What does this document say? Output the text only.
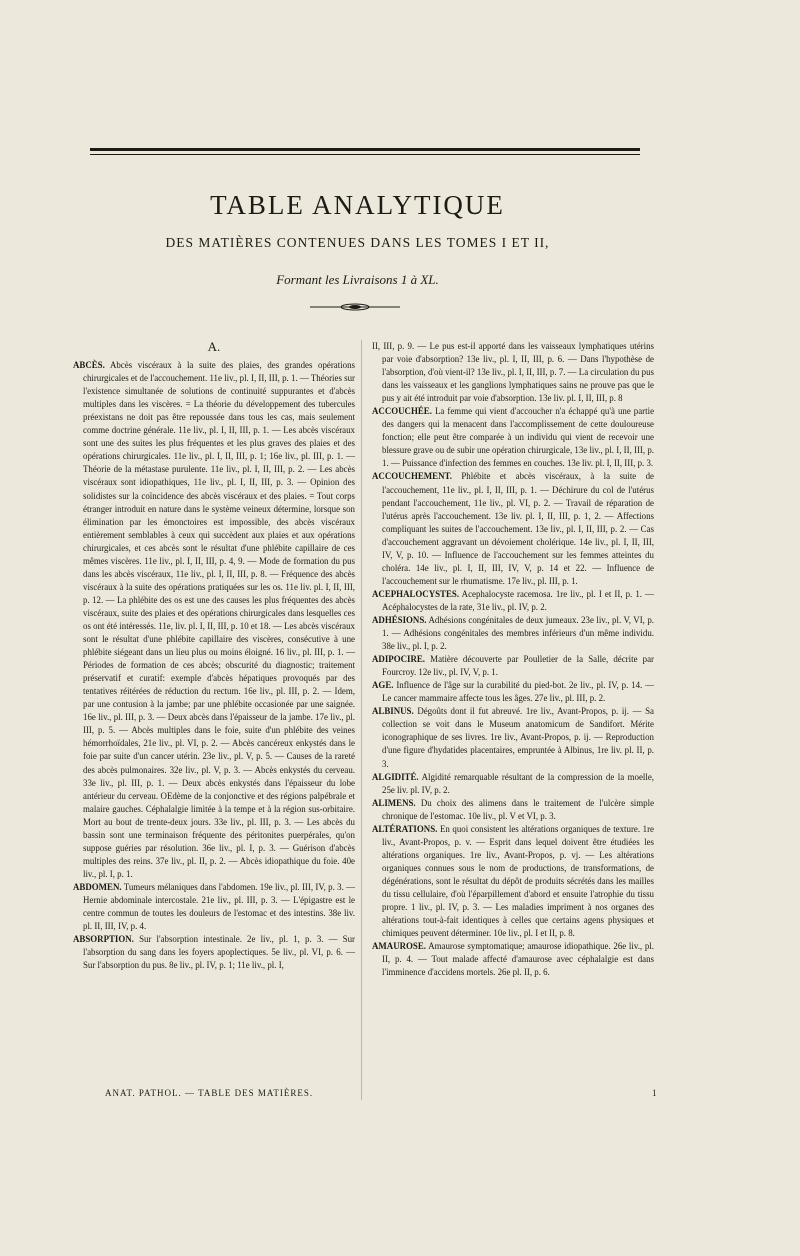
TABLE ANALYTIQUE
DES MATIÈRES CONTENUES DANS LES TOMES I ET II,
Formant les Livraisons 1 à XL.
A.

ABCÈS. Abcès viscéraux à la suite des plaies, des grandes opérations chirurgicales et de l'accouchement. 11e liv., pl. I, II, III, p. 1. — Théories sur l'existence simultanée de solutions de continuité suppurantes et d'abcès multiples dans les viscères. = La théorie du développement des tubercules préexistans ne doit pas être repoussée dans tous les cas, mais seulement comme doctrine générale. 11e liv., pl. I, II, III, p. 1. — Les abcès viscéraux sont une des suites les plus fréquentes et les plus graves des plaies et des opérations chirurgicales. 11e liv., pl. I, II, III, p. 1; 16e liv., pl. III, p. 1. — Théorie de la métastase purulente. 11e liv., pl. I, II, III, p. 2. — Les abcès viscéraux sont idiopathiques, 11e liv., pl. I, II, III, p. 3. — Opinion des solidistes sur la coïncidence des abcès viscéraux et des plaies. = Tout corps étranger introduit en nature dans le système veineux détermine, lorsque son élimination par les émonctoires est impossible, des abcès viscéraux entièrement semblables à ceux qui succèdent aux plaies et aux opérations chirurgicales, et ces abcès sont le résultat d'une phlébite capillaire de ces mêmes viscères. 11e liv., pl. I, II, III, p. 4, 9. — Mode de formation du pus dans les abcès viscéraux, 11e liv., pl. I, II, III, p. 8. — Fréquence des abcès viscéraux à la suite des opérations pratiquées sur les os. 11e liv. pl. I, II, III, p. 12. — La phlébite des os est une des causes les plus fréquentes des abcès viscéraux, suite des plaies et des opérations chirurgicales dans lesquelles ces os ont été intéressés. 11e, liv. pl. I, II, III, p. 10 et 18. — Les abcès viscéraux sont le résultat d'une phlébite capillaire des viscères, consécutive à une phlébite siégeant dans un lieu plus ou moins éloigné. 16 liv., pl. III, p. 1. — Périodes de formation de ces abcès; obscurité du diagnostic; traitement préservatif et curatif: exemple d'abcès hépatiques provoqués par des tentatives réitérées de réduction du rectum. 16e liv., pl. III, p. 2. — Idem, par une contusion à la jambe; par une phlébite occasionée par une saignée. 16e liv., pl. III, p. 3. — Deux abcès dans l'épaisseur de la jambe. 17e liv., pl. III, p. 5. — Abcès multiples dans le foie, suite d'un phlébite des veines hémorrhoïdales, 21e liv., pl. VI, p. 2. — Abcès cancéreux enkystés dans le foie par suite d'un cancer utérin. 23e liv., pl. V, p. 5. — Causes de la rareté des abcès pulmonaires. 32e liv., pl. V, p. 3. — Abcès enkystés du cerveau. 33e liv., pl. III, p. 1. — Deux abcès enkystés dans l'épaisseur du lobe antérieur du cerveau. OEdème de la conjonctive et des régions palpébrale et malaire gauches. Céphalalgie limitée à la tempe et à la région sus-orbitaire. Mort au bout de trente-deux jours. 33e liv., pl. III, p. 3. — Les abcès du bassin sont une terminaison fréquente des péritonites puerpérales, qu'on suppose guéries par résolution. 36e liv., pl. I, p. 3. — Guérison d'abcès multiples des reins. 37e liv., pl. II, p. 2. — Abcès idiopathique du foie. 40e liv., pl. I, p. 1.

ABDOMEN. Tumeurs mélaniques dans l'abdomen. 19e liv., pl. III, IV, p. 3. — Hernie abdominale intercostale. 21e liv., pl. III, p. 3. — L'épigastre est le centre commun de toutes les douleurs de l'estomac et des intestins. 38e liv. pl. II, III, IV, p. 4.

ABSORPTION. Sur l'absorption intestinale. 2e liv., pl. 1, p. 3. — Sur l'absorption du sang dans les foyers apoplectiques. 5e liv., pl. VI, p. 6. — Sur l'absorption du pus. 8e liv., pl. IV, p. 1; 11e liv., pl. I,

II, III, p. 9. — Le pus est-il apporté dans les vaisseaux lymphatiques utérins par voie d'absorption? 13e liv., pl. I, II, III, p. 6. — Dans l'hypothèse de l'absorption, d'où vient-il? 13e liv., pl. I, II, III, p. 7. — La circulation du pus dans les vaisseaux et les ganglions lymphatiques sains ne prouve pas que le pus y ait été introduit par voie d'absorption. 13e liv. pl. I, II, III, p. 8

ACCOUCHÉE. La femme qui vient d'accoucher n'a échappé qu'à une partie des dangers qui la menacent dans l'accomplissement de cette douloureuse fonction; elle peut être comparée à un individu qui vient de recevoir une blessure grave ou de subir une opération chirurgicale, 13e liv., pl. I, II, III, p. 1. — Puissance d'infection des femmes en couches. 13e liv. pl. I, II, III, p. 3.

ACCOUCHEMENT. Phlébite et abcès viscéraux, à la suite de l'accouchement, 11e liv., pl. I, II, III, p. 1. — Déchirure du col de l'utérus pendant l'accouchement, 11e liv., pl. VI, p. 2. — Travail de réparation de l'utérus après l'accouchement. 13e liv. pl. I, II, III, p. 1, 2. — Affections compliquant les suites de l'accouchement. 13e liv., pl. I, II, III, p. 2. — Cas d'accouchement aggravant un dévoiement cholérique. 14e liv., pl. I, II, III, IV, V, p. 10. — Influence de l'accouchement sur les femmes atteintes du choléra. 14e liv., pl. I, II, III, IV, V, p. 14 et 22. — Influence de l'accouchement sur le rhumatisme. 17e liv., pl. III, p. 1.

ACEPHALOCYSTES. Acephalocyste racemosa. 1re liv., pl. I et II, p. 1. — Acéphalocystes de la rate, 31e liv., pl. IV, p. 2.

ADHÉSIONS. Adhésions congénitales de deux jumeaux. 23e liv., pl. V, VI, p. 1. — Adhésions congénitales des membres inférieurs d'un même individu. 38e liv., pl. I, p. 2.

ADIPOCIRE. Matière découverte par Poulletier de la Salle, décrite par Fourcroy. 12e liv., pl. IV, V, p. 1.

AGE. Influence de l'âge sur la curabilité du pied-bot. 2e liv., pl. IV, p. 14. — Le cancer mammaire affecte tous les âges. 27e liv., pl. III, p. 2.

ALBINUS. Dégoûts dont il fut abreuvé. 1re liv., Avant-Propos, p. ij. — Sa collection se voit dans le Museum anatomicum de Sandifort. Mérite iconographique de ses livres. 1re liv., Avant-Propos, p. ij. — Reproduction d'une figure d'hydatides placentaires, empruntée à Albinus, 1re liv. pl. II, p. 3.

ALGIDITÉ. Algidité remarquable résultant de la compression de la moelle, 25e liv. pl. IV, p. 2.

ALIMENS. Du choix des alimens dans le traitement de l'ulcère simple chronique de l'estomac. 10e liv., pl. V et VI, p. 3.

ALTÉRATIONS. En quoi consistent les altérations organiques de texture. 1re liv., Avant-Propos, p. v. — Esprit dans lequel doivent être étudiées les altérations organiques. 1re liv., Avant-Propos, p. vj. — Les altérations organiques connues sous le nom de productions, de transformations, de dégénérations, sont le résultat du dépôt de produits sécrétés dans les mailles du tissu cellulaire, d'où l'éparpillement d'abord et ensuite l'atrophie du tissu propre. 1 liv., pl. IV, p. 3. — Les maladies impriment à nos organes des altérations tout-à-fait identiques à celles que certains agens physiques et chimiques peuvent déterminer. 10e liv., pl. I et II, p. 8.

AMAUROSE. Amaurose symptomatique; amaurose idiopathique. 26e liv., pl. II, p. 4. — Tout malade affecté d'amaurose avec céphalalgie est dans l'imminence d'accidens mortels. 26e pl. II, p. 6.

ANAT. PATHOL. — TABLE DES MATIÈRES.	1
